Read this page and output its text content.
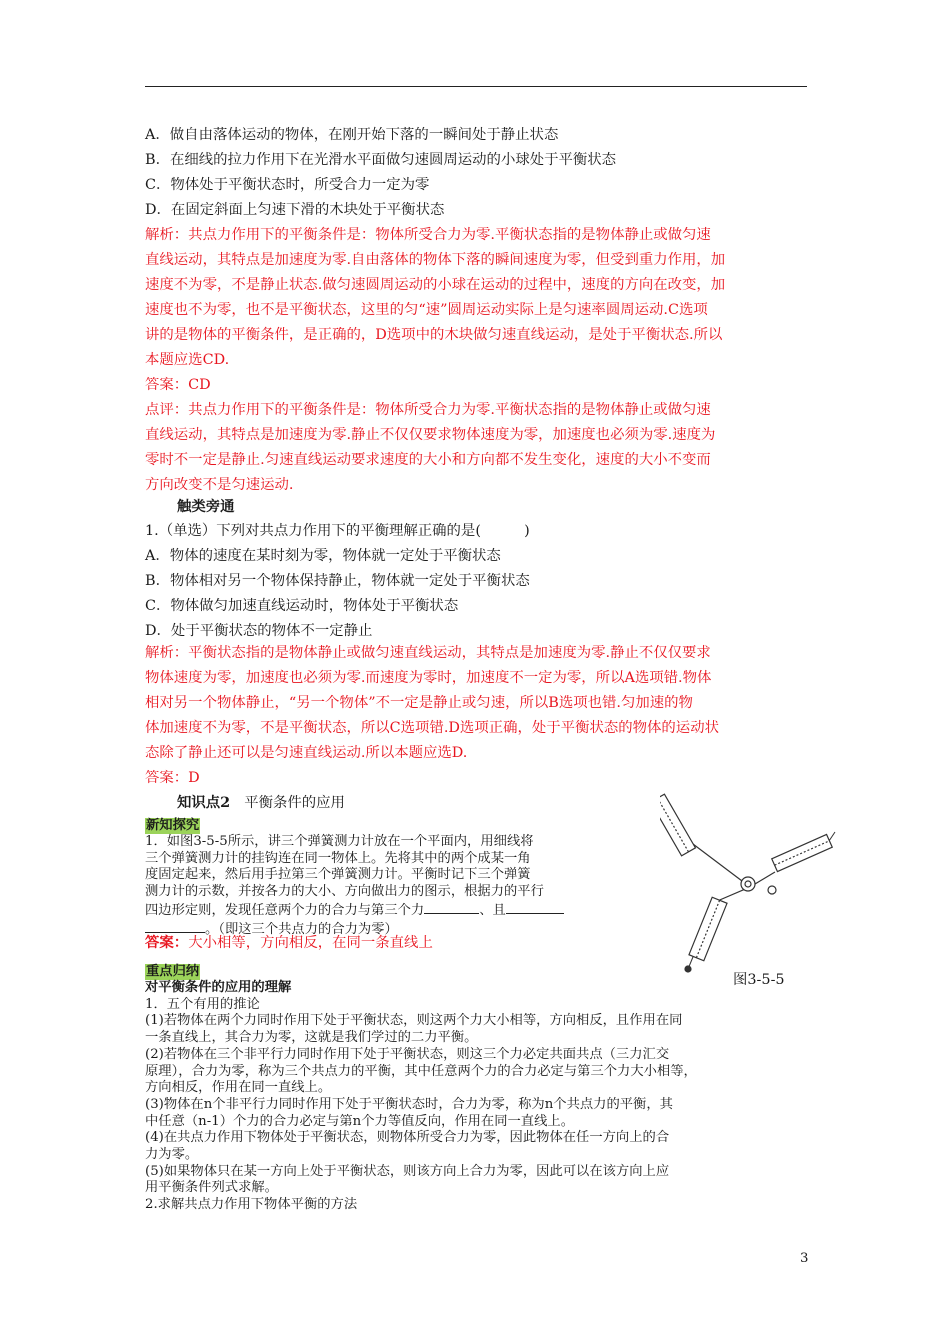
A．做自由落体运动的物体，在刚开始下落的一瞬间处于静止状态
B．在细线的拉力作用下在光滑水平面做匀速圆周运动的小球处于平衡状态
C．物体处于平衡状态时，所受合力一定为零
D．在固定斜面上匀速下滑的木块处于平衡状态
解析：共点力作用下的平衡条件是：物体所受合力为零.平衡状态指的是物体静止或做匀速
直线运动，其特点是加速度为零.自由落体的物体下落的瞬间速度为零，但受到重力作用，加
速度不为零，不是静止状态.做匀速圆周运动的小球在运动的过程中，速度的方向在改变，加
速度也不为零，也不是平衡状态，这里的匀“速”圆周运动实际上是匀速率圆周运动.C选项
讲的是物体的平衡条件，是正确的，D选项中的木块做匀速直线运动，是处于平衡状态.所以
本题应选CD.
答案：CD
点评：共点力作用下的平衡条件是：物体所受合力为零.平衡状态指的是物体静止或做匀速
直线运动，其特点是加速度为零.静止不仅仅要求物体速度为零，加速度也必须为零.速度为
零时不一定是静止.匀速直线运动要求速度的大小和方向都不发生变化，速度的大小不变而
方向改变不是匀速运动.
触类旁通
1.（单选）下列对共点力作用下的平衡理解正确的是(　　　)
A．物体的速度在某时刻为零，物体就一定处于平衡状态
B．物体相对另一个物体保持静止，物体就一定处于平衡状态
C．物体做匀加速直线运动时，物体处于平衡状态
D．处于平衡状态的物体不一定静止
解析：平衡状态指的是物体静止或做匀速直线运动，其特点是加速度为零.静止不仅仅要求
物体速度为零，加速度也必须为零.而速度为零时，加速度不一定为零，所以A选项错.物体
相对另一个物体静止，“另一个物体”不一定是静止或匀速，所以B选项也错.匀加速的物
体加速度不为零，不是平衡状态，所以C选项错.D选项正确，处于平衡状态的物体的运动状
态除了静止还可以是匀速直线运动.所以本题应选D.
答案：D
知识点2 平衡条件的应用
新知探究
1．如图3-5-5所示，讲三个弹簧测力计放在一个平面内，用细线将
三个弹簧测力计的挂钩连在同一物体上。先将其中的两个成某一角
度固定起来，然后用手拉第三个弹簧测力计。平衡时记下三个弹簧
测力计的示数，并按各力的大小、方向做出力的图示，根据力的平行
四边形定则，发现任意两个力的合力与第三个力	、且
。（即这三个共点力的合力为零）
答案：大小相等，方向相反，在同一条直线上
图3-5-5
重点归纳
对平衡条件的应用的理解
1．五个有用的推论
(1)若物体在两个力同时作用下处于平衡状态，则这两个力大小相等，方向相反，且作用在同
一条直线上，其合力为零，这就是我们学过的二力平衡。
(2)若物体在三个非平行力同时作用下处于平衡状态，则这三个力必定共面共点（三力汇交
原理），合力为零，称为三个共点力的平衡，其中任意两个力的合力必定与第三个力大小相等，
方向相反，作用在同一直线上。
(3)物体在n个非平行力同时作用下处于平衡状态时，合力为零，称为n个共点力的平衡，其
中任意（n-1）个力的合力必定与第n个力等值反向，作用在同一直线上。
(4)在共点力作用下物体处于平衡状态，则物体所受合力为零，因此物体在任一方向上的合
力为零。
(5)如果物体只在某一方向上处于平衡状态，则该方向上合力为零，因此可以在该方向上应
用平衡条件列式求解。
2.求解共点力作用下物体平衡的方法
3
